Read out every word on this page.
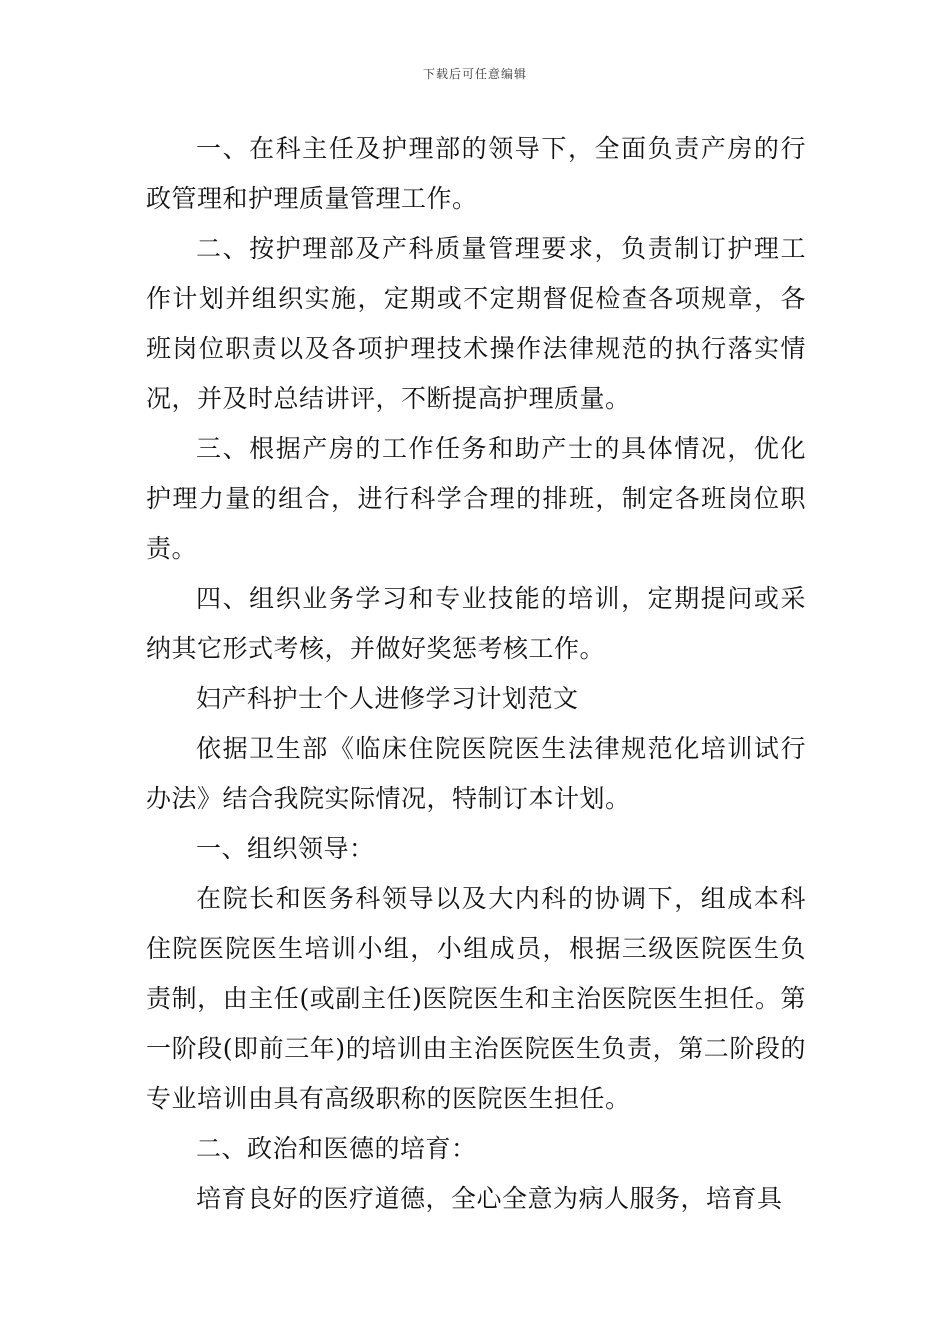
下载后可任意编辑

一、在科主任及护理部的领导下，全面负责产房的行政管理和护理质量管理工作。

二、按护理部及产科质量管理要求，负责制订护理工作计划并组织实施，定期或不定期督促检查各项规章，各班岗位职责以及各项护理技术操作法律规范的执行落实情况，并及时总结讲评，不断提高护理质量。

三、根据产房的工作任务和助产士的具体情况，优化护理力量的组合，进行科学合理的排班，制定各班岗位职责。

四、组织业务学习和专业技能的培训，定期提问或采纳其它形式考核，并做好奖惩考核工作。

妇产科护士个人进修学习计划范文

依据卫生部《临床住院医院医生法律规范化培训试行办法》结合我院实际情况，特制订本计划。

一、组织领导：

在院长和医务科领导以及大内科的协调下，组成本科住院医院医生培训小组，小组成员，根据三级医院医生负责制，由主任(或副主任)医院医生和主治医院医生担任。第一阶段(即前三年)的培训由主治医院医生负责，第二阶段的专业培训由具有高级职称的医院医生担任。

二、政治和医德的培育：

培育良好的医疗道德，全心全意为病人服务，培育具
